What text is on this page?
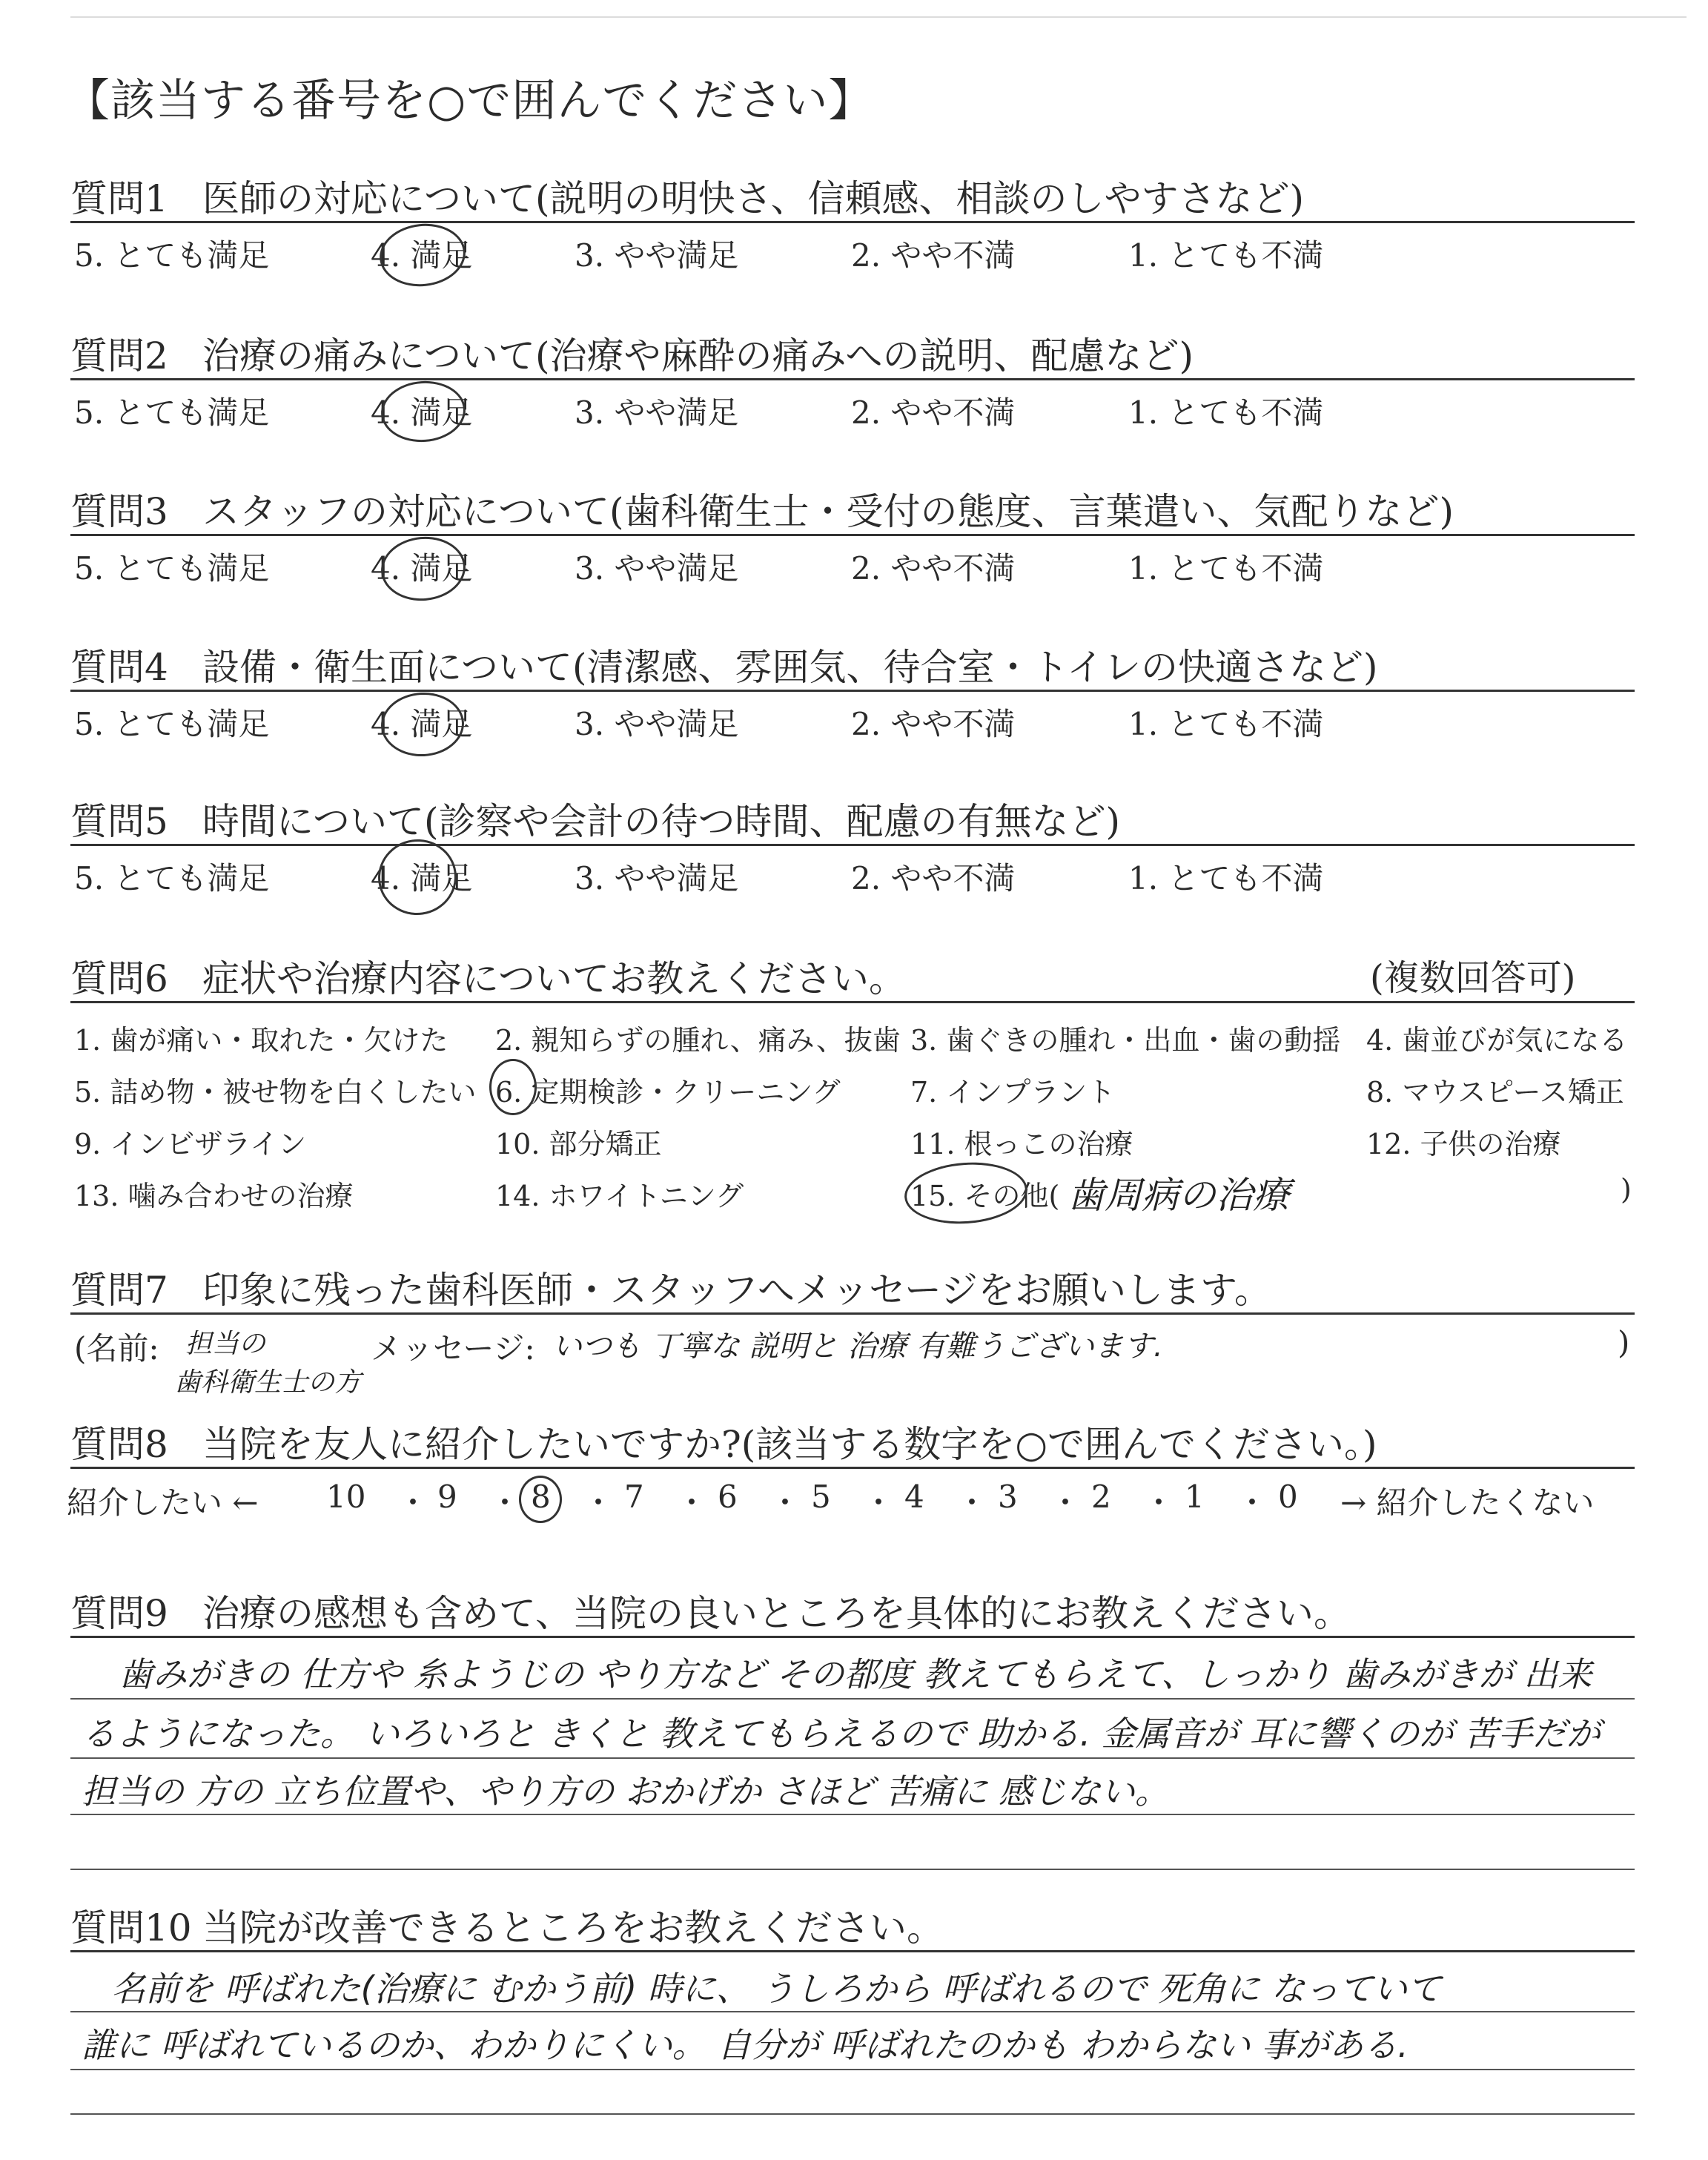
【該当する番号を○で囲んでください】
質問1 医師の対応について(説明の明快さ、信頼感、相談のしやすさなど)
5. とても満足	4. 満足	3. やや満足	2. やや不満	1. とても不満
質問2 治療の痛みについて(治療や麻酔の痛みへの説明、配慮など)
5. とても満足	4. 満足	3. やや満足	2. やや不満	1. とても不満
質問3 スタッフの対応について(歯科衛生士・受付の態度、言葉遣い、気配りなど)
5. とても満足	4. 満足	3. やや満足	2. やや不満	1. とても不満
質問4 設備・衛生面について(清潔感、雰囲気、待合室・トイレの快適さなど)
5. とても満足	4. 満足	3. やや満足	2. やや不満	1. とても不満
質問5 時間について(診察や会計の待つ時間、配慮の有無など)
5. とても満足	4. 満足	3. やや満足	2. やや不満	1. とても不満
質問6 症状や治療内容についてお教えください。	(複数回答可)
1. 歯が痛い・取れた・欠けた 2. 親知らずの腫れ、痛み、抜歯 3. 歯ぐきの腫れ・出血・歯の動揺 4. 歯並びが気になる
5. 詰め物・被せ物を白くしたい 6. 定期検診・クリーニング 7. インプラント	8. マウスピース矯正
9. インビザライン	10. 部分矯正	11. 根っこの治療	12. 子供の治療
13. 噛み合わせの治療	14. ホワイトニング	15. その他( 歯周病の治療	)
質問7 印象に残った歯科医師・スタッフへメッセージをお願いします。
(名前: 担当の
歯科衛生士の方
メッセージ: いつも 丁寧な 説明と 治療 有難うございます.	)
質問8 当院を友人に紹介したいですか?(該当する数字を○で囲んでください。)
紹介したい ← 10 ・ 9 ・ 8 ・ 7 ・ 6 ・ 5 ・ 4 ・ 3 ・ 2 ・ 1 ・ 0 → 紹介したくない
質問9 治療の感想も含めて、当院の良いところを具体的にお教えください。
歯みがきの 仕方や 糸ようじの やり方など その都度 教えてもらえて、しっかり 歯みがきが 出来
るようになった。 いろいろと きくと 教えてもらえるので 助かる. 金属音が 耳に響くのが 苦手だが
担当の 方の 立ち位置や、やり方の おかげか さほど 苦痛に 感じない。
質問10 当院が改善できるところをお教えください。
名前を 呼ばれた(治療に むかう前) 時に、 うしろから 呼ばれるので 死角に なっていて
誰に 呼ばれているのか、わかりにくい。 自分が 呼ばれたのかも わからない 事がある.
